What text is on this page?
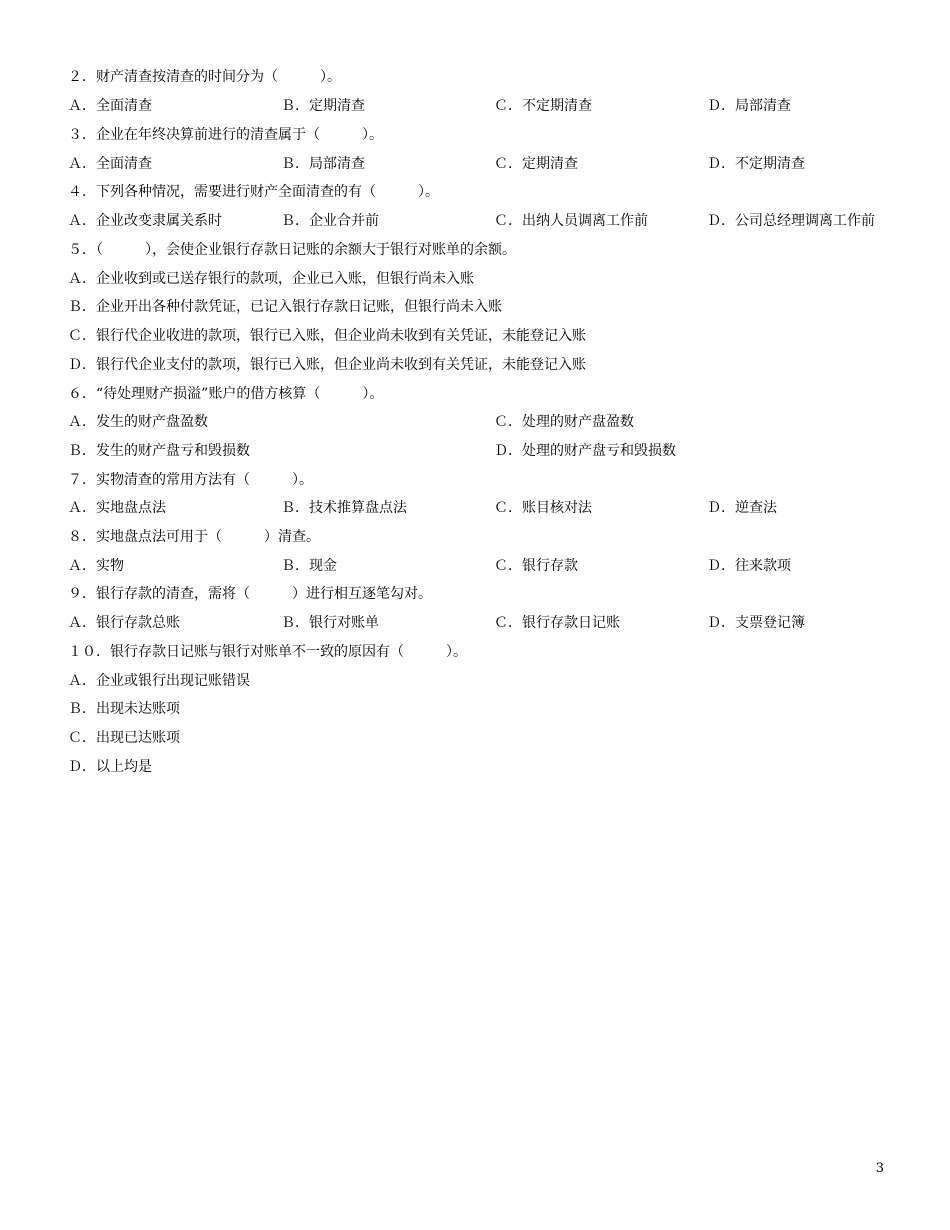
２．财产清查按清查的时间分为（　　　）。
Ａ．全面清查	Ｂ．定期清查	Ｃ．不定期清查	Ｄ．局部清查
３．企业在年终决算前进行的清查属于（　　　）。
Ａ．全面清查	Ｂ．局部清查	Ｃ．定期清查	Ｄ．不定期清查
４．下列各种情况，需要进行财产全面清查的有（　　　）。
Ａ．企业改变隶属关系时	Ｂ．企业合并前	Ｃ．出纳人员调离工作前	Ｄ．公司总经理调离工作前
５．（　　　），会使企业银行存款日记账的余额大于银行对账单的余额。
Ａ．企业收到或已送存银行的款项，企业已入账，但银行尚未入账
Ｂ．企业开出各种付款凭证，已记入银行存款日记账，但银行尚未入账
Ｃ．银行代企业收进的款项，银行已入账，但企业尚未收到有关凭证，未能登记入账
Ｄ．银行代企业支付的款项，银行已入账，但企业尚未收到有关凭证，未能登记入账
６．“待处理财产损溢”账户的借方核算（　　　）。
Ａ．发生的财产盘盈数	Ｃ．处理的财产盘盈数
Ｂ．发生的财产盘亏和毁损数	Ｄ．处理的财产盘亏和毁损数
７．实物清查的常用方法有（　　　）。
Ａ．实地盘点法	Ｂ．技术推算盘点法	Ｃ．账目核对法	Ｄ．逆查法
８．实地盘点法可用于（　　　）清查。
Ａ．实物	Ｂ．现金	Ｃ．银行存款	Ｄ．往来款项
９．银行存款的清查，需将（　　　）进行相互逐笔勾对。
Ａ．银行存款总账	Ｂ．银行对账单	Ｃ．银行存款日记账	Ｄ．支票登记簿
１０．银行存款日记账与银行对账单不一致的原因有（　　　）。
Ａ．企业或银行出现记账错误
Ｂ．出现未达账项
Ｃ．出现已达账项
Ｄ．以上均是
3
